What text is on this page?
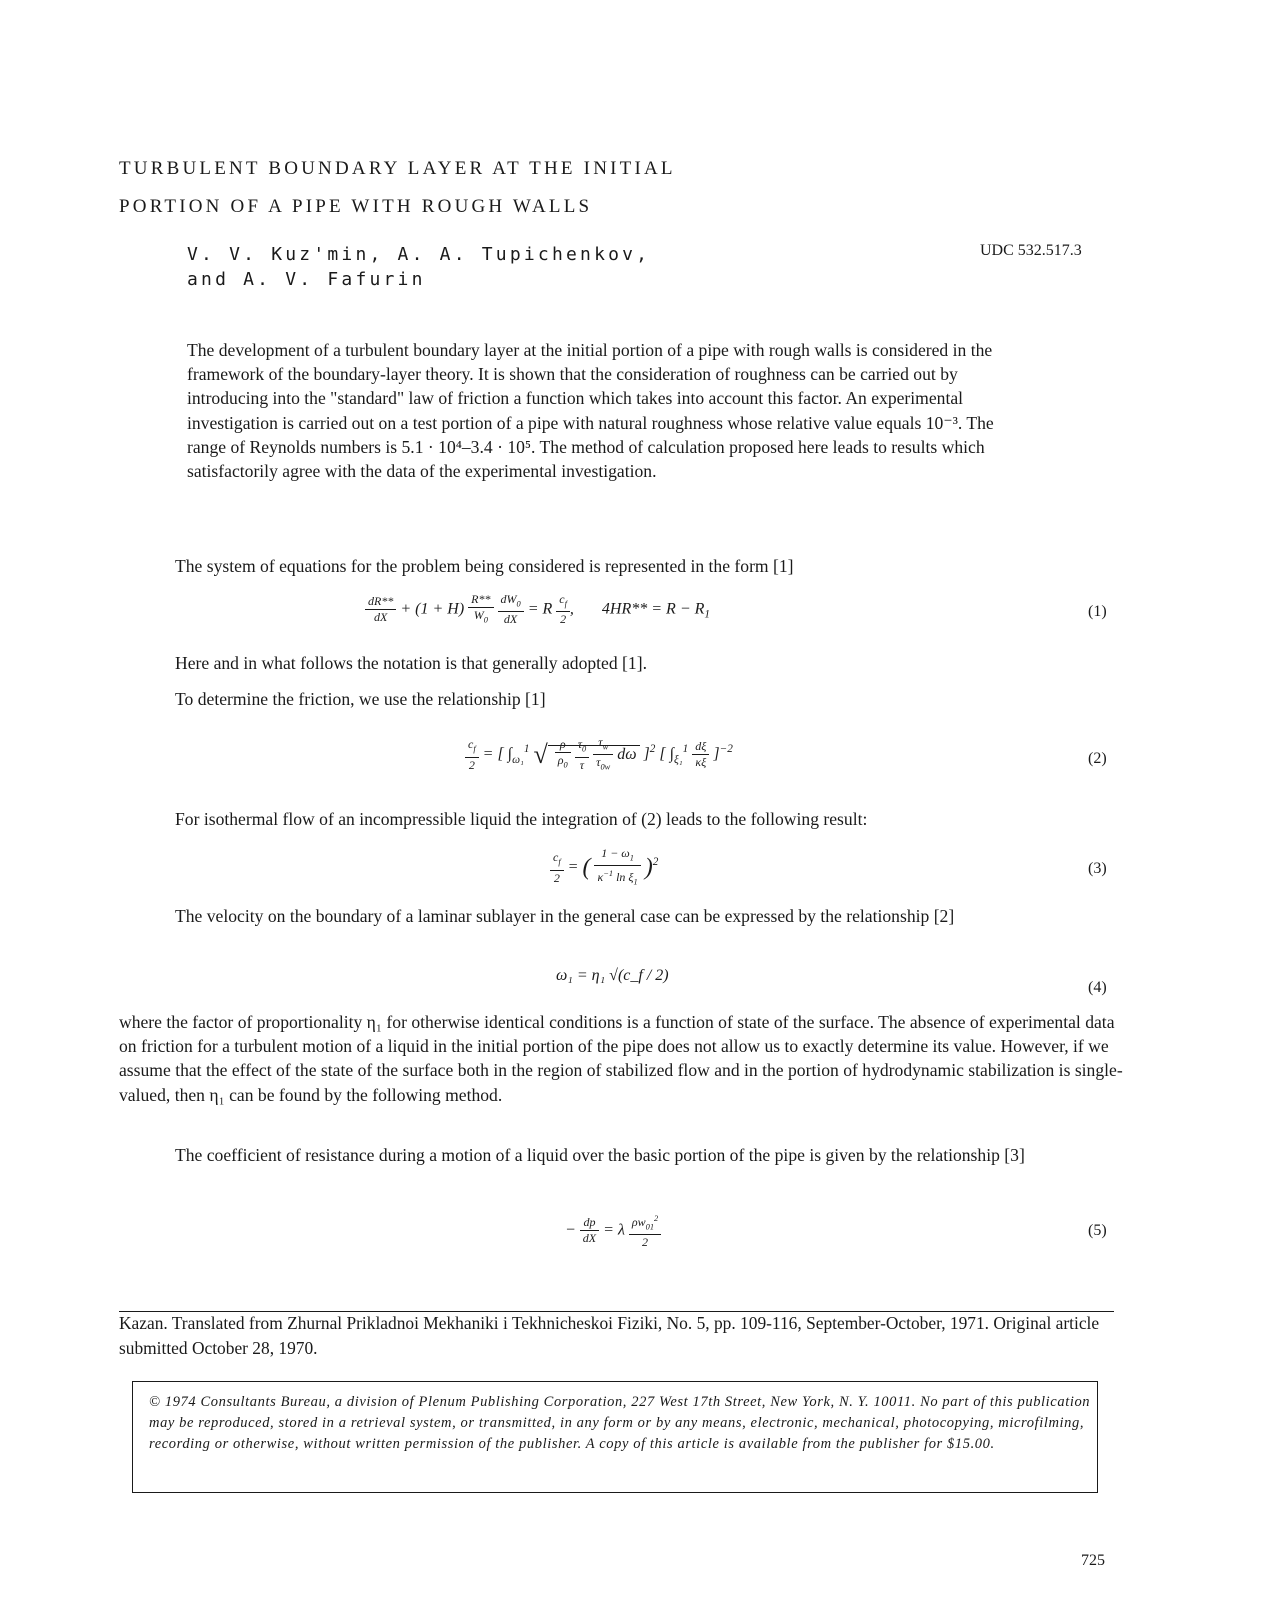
TURBULENT BOUNDARY LAYER AT THE INITIAL
PORTION OF A PIPE WITH ROUGH WALLS
V. V. Kuz'min, A. A. Tupichenkov,
and A. V. Fafurin
UDC 532.517.3
The development of a turbulent boundary layer at the initial portion of a pipe with rough walls is considered in the framework of the boundary-layer theory. It is shown that the consideration of roughness can be carried out by introducing into the "standard" law of friction a function which takes into account this factor. An experimental investigation is carried out on a test portion of a pipe with natural roughness whose relative value equals 10⁻³. The range of Reynolds numbers is 5.1 · 10⁴–3.4 · 10⁵. The method of calculation proposed here leads to results which satisfactorily agree with the data of the experimental investigation.
The system of equations for the problem being considered is represented in the form [1]
$\frac{dR**}{dX} + (1 + H) \frac{R**}{W_0}$
$\frac{dW_0}{dX} = R \frac{c_f}{2}$ ,       $4HR** = R - R_1$	(1)
Here and in what follows the notation is that generally adopted [1].
To determine the friction, we use the relationship [1]
$\frac{c_f}{2}$ = [ $\int_{\omega_1}^1$ √ $\frac{\rho}{\rho_0}$
$\frac{\tau_0}{\tau}$
$\frac{\tau_w}{\tau_{0w}}$ dω ]$^2$ [ $\int_{\xi_1}^1 \frac{d\xi}{\kappa\xi} ]^{-2}$
(2)
For isothermal flow of an incompressible liquid the integration of (2) leads to the following result:
$\frac{c_f}{2}$ = ( $\frac{1 - \omega_1}{\kappa^{-1} \ln \xi_1} )^2$	(3)
The velocity on the boundary of a laminar sublayer in the general case can be expressed by the relationship [2]
ω₁ = η₁ √(c_f / 2)
(4)
where the factor of proportionality η₁ for otherwise identical conditions is a function of state of the surface. The absence of experimental data on friction for a turbulent motion of a liquid in the initial portion of the pipe does not allow us to exactly determine its value. However, if we assume that the effect of the state of the surface both in the region of stabilized flow and in the portion of hydrodynamic stabilization is single-valued, then η₁ can be found by the following method.
The coefficient of resistance during a motion of a liquid over the basic portion of the pipe is given by the relationship [3]
− $\frac{dp}{dX} = \lambda \frac{\rho w_{01}^2}{2}$	(5)
Kazan. Translated from Zhurnal Prikladnoi Mekhaniki i Tekhnicheskoi Fiziki, No. 5, pp. 109-116, September-October, 1971. Original article submitted October 28, 1970.
© 1974 Consultants Bureau, a division of Plenum Publishing Corporation, 227 West 17th Street, New York, N. Y. 10011. No part of this publication may be reproduced, stored in a retrieval system, or transmitted, in any form or by any means, electronic, mechanical, photocopying, microfilming, recording or otherwise, without written permission of the publisher. A copy of this article is available from the publisher for $15.00.
725
